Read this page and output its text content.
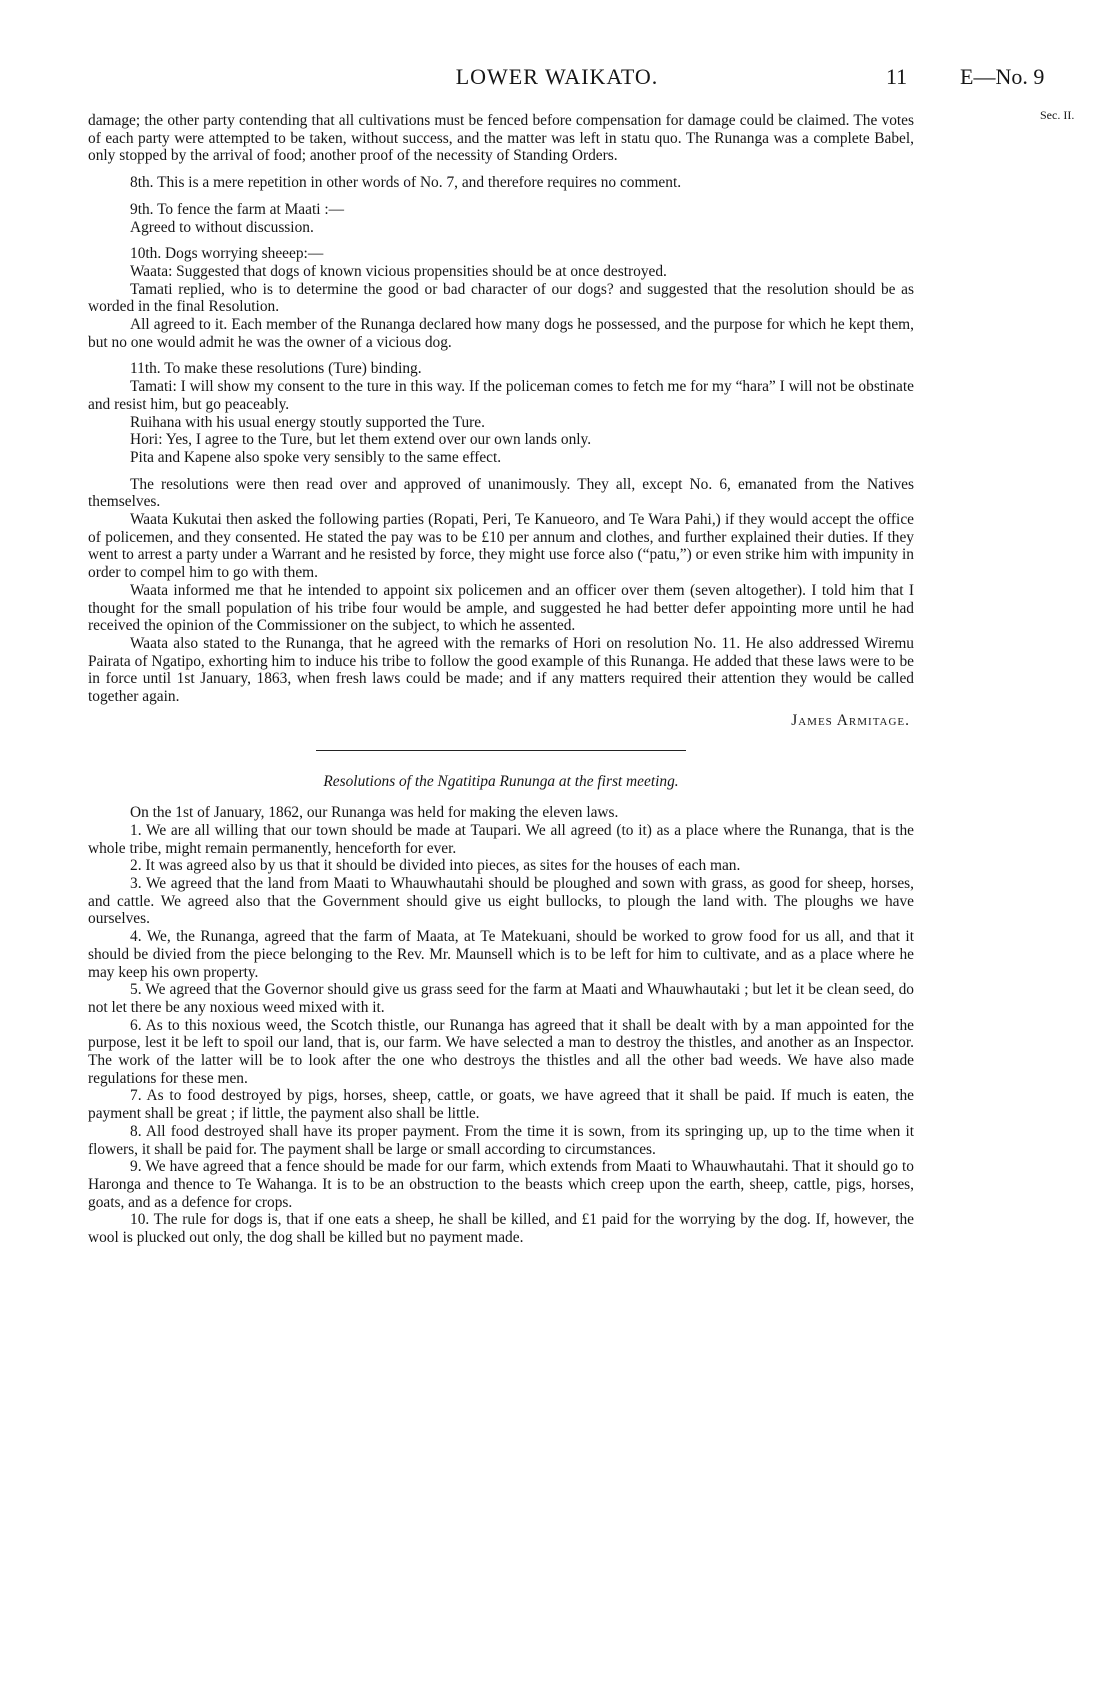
LOWER WAIKATO.	11 E—No. 9
Sec. II.

damage; the other party contending that all cultivations must be fenced before compensation for damage could be claimed. The votes of each party were attempted to be taken, without success, and the matter was left in statu quo. The Runanga was a complete Babel, only stopped by the arrival of food; another proof of the necessity of Standing Orders.

8th. This is a mere repetition in other words of No. 7, and therefore requires no comment.

9th. To fence the farm at Maati :—

Agreed to without discussion.

10th. Dogs worrying sheeep:—

Waata: Suggested that dogs of known vicious propensities should be at once destroyed.

Tamati replied, who is to determine the good or bad character of our dogs? and suggested that the resolution should be as worded in the final Resolution.

All agreed to it. Each member of the Runanga declared how many dogs he possessed, and the purpose for which he kept them, but no one would admit he was the owner of a vicious dog.

11th. To make these resolutions (Ture) binding.

Tamati: I will show my consent to the ture in this way. If the policeman comes to fetch me for my “hara” I will not be obstinate and resist him, but go peaceably.

Ruihana with his usual energy stoutly supported the Ture.

Hori: Yes, I agree to the Ture, but let them extend over our own lands only.

Pita and Kapene also spoke very sensibly to the same effect.

The resolutions were then read over and approved of unanimously. They all, except No. 6, emanated from the Natives themselves.

Waata Kukutai then asked the following parties (Ropati, Peri, Te Kanueoro, and Te Wara Pahi,) if they would accept the office of policemen, and they consented. He stated the pay was to be £10 per annum and clothes, and further explained their duties. If they went to arrest a party under a Warrant and he resisted by force, they might use force also (“patu,”) or even strike him with impunity in order to compel him to go with them.

Waata informed me that he intended to appoint six policemen and an officer over them (seven altogether). I told him that I thought for the small population of his tribe four would be ample, and suggested he had better defer appointing more until he had received the opinion of the Commissioner on the subject, to which he assented.

Waata also stated to the Runanga, that he agreed with the remarks of Hori on resolution No. 11. He also addressed Wiremu Pairata of Ngatipo, exhorting him to induce his tribe to follow the good example of this Runanga. He added that these laws were to be in force until 1st January, 1863, when fresh laws could be made; and if any matters required their attention they would be called together again.

James Armitage.
Resolutions of the Ngatitipa Rununga at the first meeting.

On the 1st of January, 1862, our Runanga was held for making the eleven laws.

1. We are all willing that our town should be made at Taupari. We all agreed (to it) as a place where the Runanga, that is the whole tribe, might remain permanently, henceforth for ever.

2. It was agreed also by us that it should be divided into pieces, as sites for the houses of each man.

3. We agreed that the land from Maati to Whauwhautahi should be ploughed and sown with grass, as good for sheep, horses, and cattle. We agreed also that the Government should give us eight bullocks, to plough the land with. The ploughs we have ourselves.

4. We, the Runanga, agreed that the farm of Maata, at Te Matekuani, should be worked to grow food for us all, and that it should be divied from the piece belonging to the Rev. Mr. Maunsell which is to be left for him to cultivate, and as a place where he may keep his own property.

5. We agreed that the Governor should give us grass seed for the farm at Maati and Whauwhautaki ; but let it be clean seed, do not let there be any noxious weed mixed with it.

6. As to this noxious weed, the Scotch thistle, our Runanga has agreed that it shall be dealt with by a man appointed for the purpose, lest it be left to spoil our land, that is, our farm. We have selected a man to destroy the thistles, and another as an Inspector. The work of the latter will be to look after the one who destroys the thistles and all the other bad weeds. We have also made regulations for these men.

7. As to food destroyed by pigs, horses, sheep, cattle, or goats, we have agreed that it shall be paid. If much is eaten, the payment shall be great ; if little, the payment also shall be little.

8. All food destroyed shall have its proper payment. From the time it is sown, from its springing up, up to the time when it flowers, it shall be paid for. The payment shall be large or small according to circumstances.

9. We have agreed that a fence should be made for our farm, which extends from Maati to Whauwhautahi. That it should go to Haronga and thence to Te Wahanga. It is to be an obstruction to the beasts which creep upon the earth, sheep, cattle, pigs, horses, goats, and as a defence for crops.

10. The rule for dogs is, that if one eats a sheep, he shall be killed, and £1 paid for the worrying by the dog. If, however, the wool is plucked out only, the dog shall be killed but no payment made.
